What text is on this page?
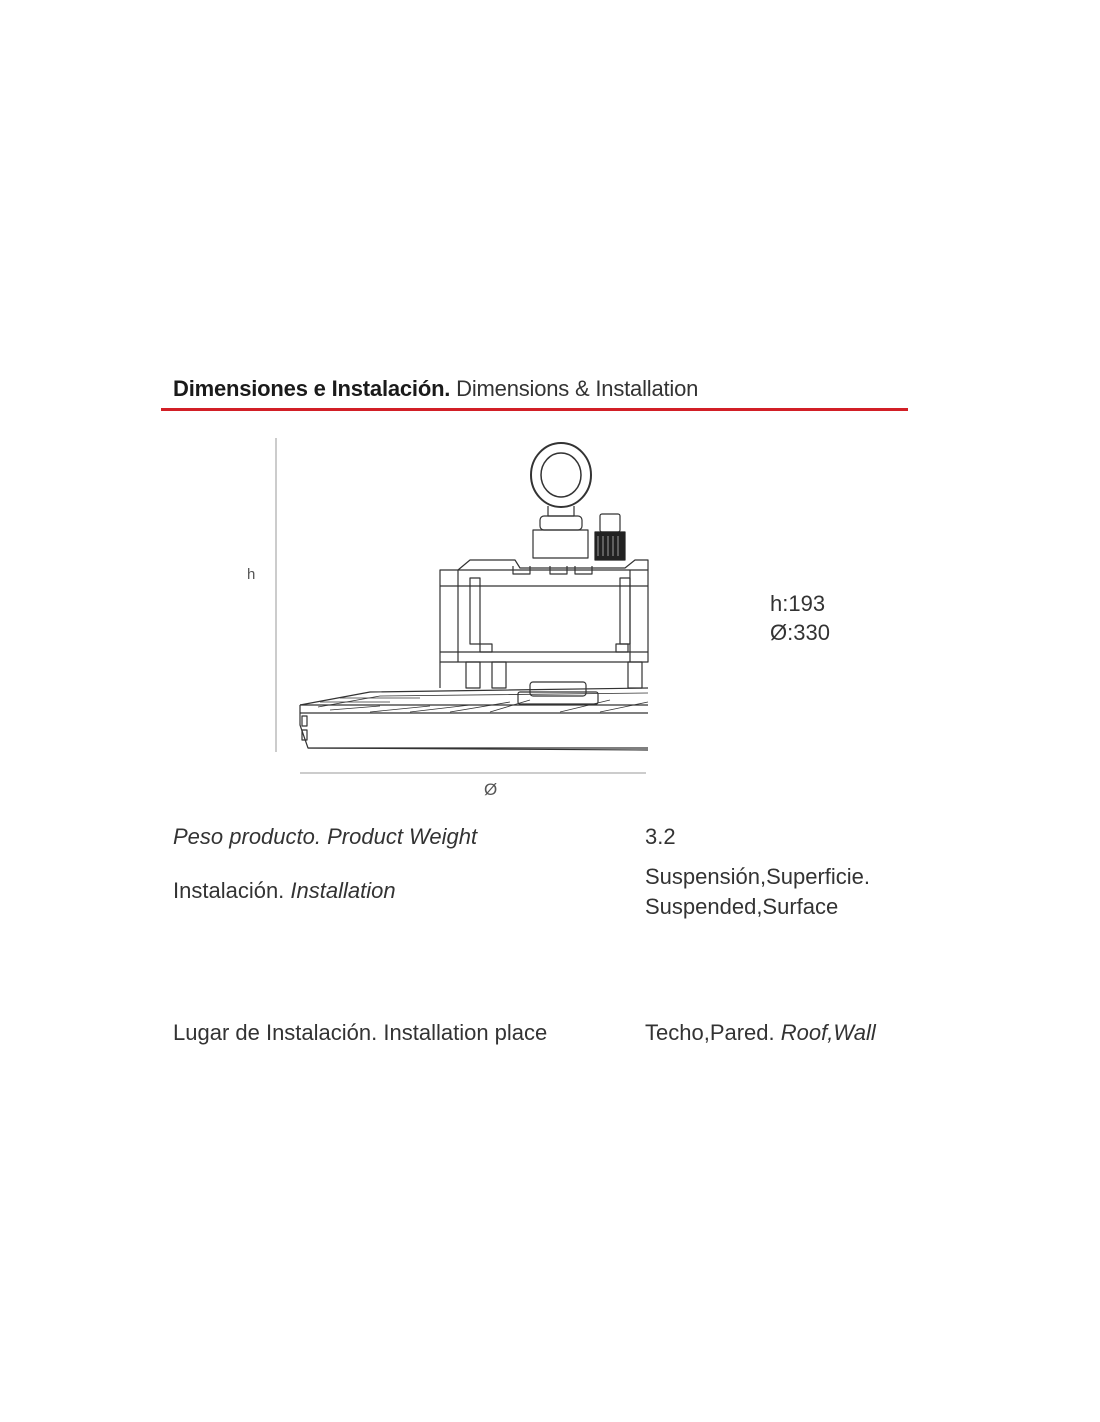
Dimensiones e Instalación. Dimensions & Installation
h
Ø
h:193
Ø:330
Peso producto. Product Weight	3.2
Instalación. Installation
Suspensión,Superficie.
Suspended,Surface
Lugar de Instalación. Installation place	Techo,Pared. Roof,Wall
